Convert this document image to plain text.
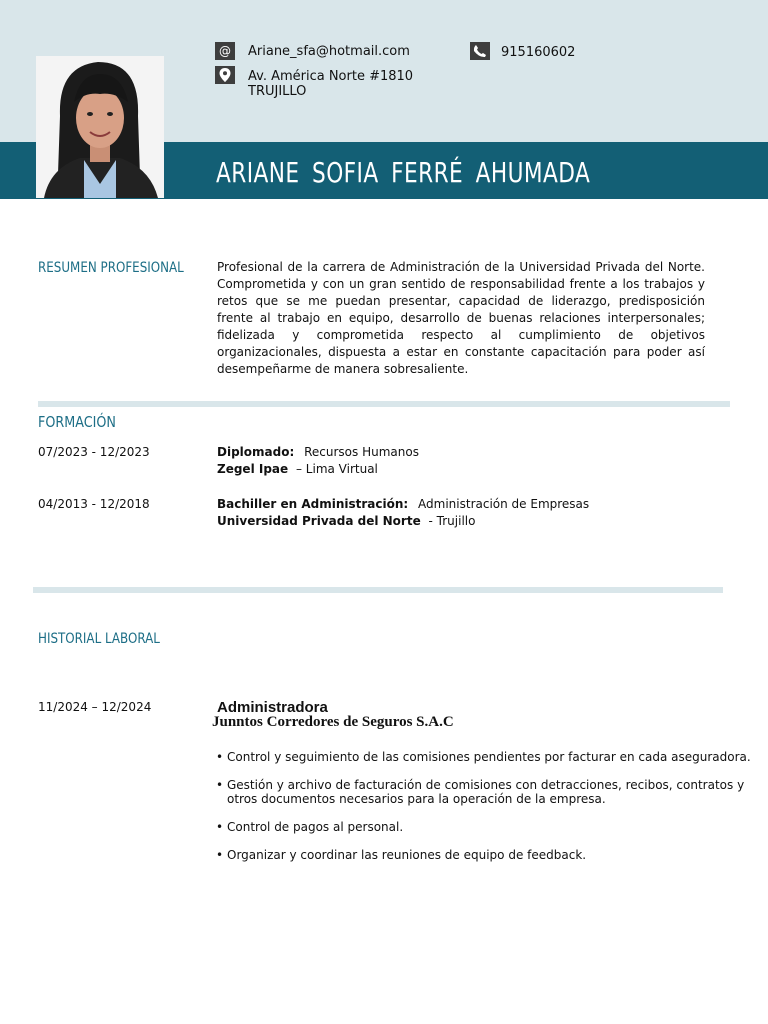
@	Ariane_sfa@hotmail.com
Av. América Norte #1810
TRUJILLO
915160602
ARIANE SOFIA FERRÉ AHUMADA
RESUMEN PROFESIONAL	Profesional de la carrera de Administración de la Universidad Privada del Norte. Comprometida y con un gran sentido de responsabilidad frente a los trabajos y retos que se me puedan presentar, capacidad de liderazgo, predisposición frente al trabajo en equipo, desarrollo de buenas relaciones interpersonales; fidelizada y comprometida respecto al cumplimiento de objetivos organizacionales, dispuesta a estar en constante capacitación para poder así desempeñarme de manera sobresaliente.
FORMACIÓN
07/2023 - 12/2023	Diplomado: Recursos Humanos
Zegel Ipae – Lima Virtual
04/2013 - 12/2018	Bachiller en Administración: Administración de Empresas
Universidad Privada del Norte - Trujillo
HISTORIAL LABORAL
11/2024 – 12/2024	Administradora
Junntos Corredores de Seguros S.A.C
• Control y seguimiento de las comisiones pendientes por facturar en cada aseguradora.
• Gestión y archivo de facturación de comisiones con detracciones, recibos, contratos y otros documentos necesarios para la operación de la empresa.
• Control de pagos al personal.
• Organizar y coordinar las reuniones de equipo de feedback.
